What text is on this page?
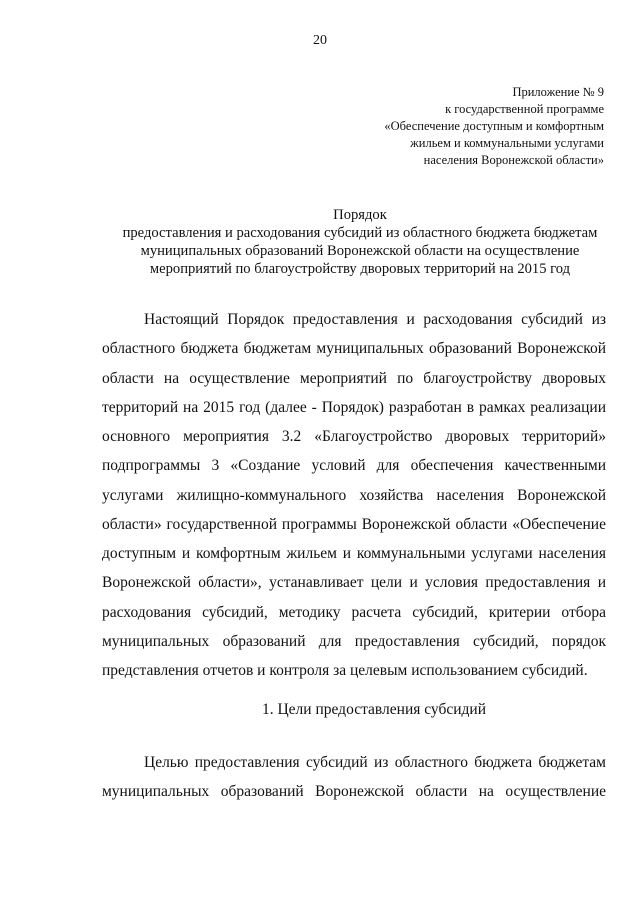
20
Приложение № 9
к государственной программе
«Обеспечение доступным и комфортным
жильем и коммунальными услугами
населения Воронежской области»
Порядок
предоставления и расходования субсидий из областного бюджета бюджетам
муниципальных образований Воронежской области на осуществление
мероприятий по благоустройству дворовых территорий на 2015 год
Настоящий Порядок предоставления и расходования субсидий из
областного бюджета бюджетам муниципальных образований Воронежской
области на осуществление мероприятий по благоустройству дворовых
территорий на 2015 год (далее - Порядок) разработан в рамках реализации
основного мероприятия 3.2 «Благоустройство дворовых территорий»
подпрограммы 3 «Создание условий для обеспечения качественными
услугами жилищно-коммунального хозяйства населения Воронежской
области» государственной программы Воронежской области «Обеспечение
доступным и комфортным жильем и коммунальными услугами населения
Воронежской области», устанавливает цели и условия предоставления и
расходования субсидий, методику расчета субсидий, критерии отбора
муниципальных образований для предоставления субсидий, порядок
представления отчетов и контроля за целевым использованием субсидий.
1. Цели предоставления субсидий
Целью предоставления субсидий из областного бюджета бюджетам
муниципальных образований Воронежской области на осуществление
